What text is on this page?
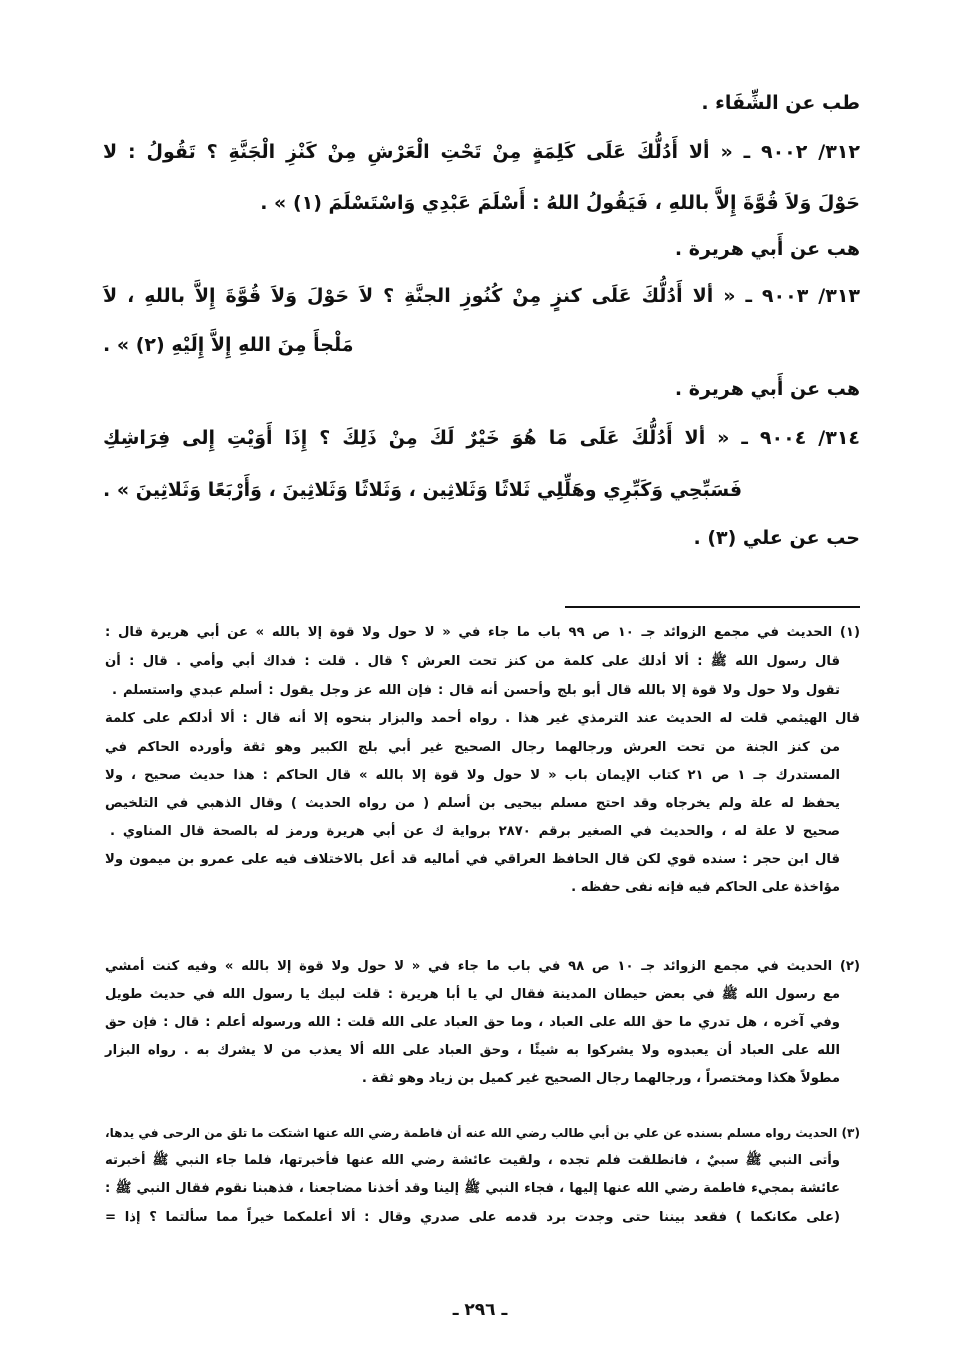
طب عن الشِّفَاء .
٣١٢/ ٩٠٠٢ ـ « ألا أَدُلُّكَ عَلَى كَلِمَةٍ مِنْ تَحْتِ الْعَرْشِ مِنْ كَنْزِ الْجَنَّةِ ؟ تَقُولُ : لا
حَوْلَ وَلاَ قُوَّةَ إِلاَّ باللهِ ، فَيَقُولُ اللهُ : أَسْلَمَ عَبْدِي وَاسْتَسْلَمَ (١) » .
هب عن أَبي هريرة .
٣١٣/ ٩٠٠٣ ـ « ألا أَدُلُّكَ عَلَى كنزٍ مِنْ كُنُوزِ الجنَّةِ ؟ لاَ حَوْلَ وَلاَ قُوَّةَ إِلاَّ باللهِ ، لاَ
مَلْجأَ مِنَ اللهِ إِلاَّ إِلَيْهِ (٢) » .
هب عن أَبي هريرة .
٣١٤/ ٩٠٠٤ ـ « ألا أَدُلُّكَ عَلَى مَا هُوَ خَيْرٌ لَكَ مِنْ ذَلِكَ ؟ إِذَا أَوَيْتِ إِلى فِرَاشِكِ
فَسَبِّحِي وَكَبِّرِي وهَلِّلِي ثَلاثًا وَثَلاثِين ، وَثَلاثًا وَثَلاثِينَ ، وَأَرْبَعًا وَثَلاثِينَ » .
حب عن علي (٣) .
(١) الحديث في مجمع الزوائد جـ ١٠ ص ٩٩ باب ما جاء في « لا حول ولا قوة إلا بالله » عن أبي هريرة قال :
قال رسول الله ﷺ : ألا أدلك على كلمة من كنز تحت العرش ؟ قال . قلت : فداك أبي وأمي . قال : أن
تقول ولا حول ولا قوة إلا بالله قال أبو بلج وأحسن أنه قال : فإن الله عز وجل يقول : أسلم عبدي واستسلم .
قال الهيثمي قلت له الحديث عند الترمذي غير هذا . رواه أحمد والبزار بنحوه إلا أنه قال : ألا أدلكم على كلمة
من كنز الجنة من تحت العرش ورجالهما رجال الصحيح غير أبي بلج الكبير وهو ثقة وأورده الحاكم في
المستدرك جـ ١ ص ٢١ كتاب الإيمان باب « لا حول ولا قوة إلا بالله » قال الحاكم : هذا حديث صحيح ، ولا
يحفظ له علة ولم يخرجاه وقد احتج مسلم بيحيى بن أسلم ( من رواه الحديث ) وقال الذهبي في التلخيص
صحيح لا علة له ، والحديث في الصغير برقم ٢٨٧٠ برواية ك عن أبي هريرة ورمز له بالصحة قال المناوي .
قال ابن حجر : سنده قوي لكن قال الحافظ العراقي في أماليه قد أعل بالاختلاف فيه على عمرو بن ميمون ولا
مؤاخذة على الحاكم فيه فإنه نفى حفظه .
(٢) الحديث في مجمع الزوائد جـ ١٠ ص ٩٨ في باب ما جاء في « لا حول ولا قوة إلا بالله » وفيه كنت أمشي
مع رسول الله ﷺ في بعض حيطان المدينة فقال لي يا أبا هريرة : قلت لبيك يا رسول الله في حديث طويل
وفي آخره ، هل تدري ما حق الله على العباد ، وما حق العباد على الله قلت : الله ورسوله أعلم : قال : فإن حق
الله على العباد أن يعبدوه ولا يشركوا به شيئًا ، وحق العباد على الله ألا يعذب من لا يشرك به . رواه البزار
مطولاً هكذا ومختصراً ، ورجالهما رجال الصحيح غير كميل بن زياد وهو ثقة .
(٣) الحديث رواه مسلم بسنده عن علي بن أبي طالب رضي الله عنه أن فاطمة رضي الله عنها اشتكت ما تلق من الرحى في يدها،
وأتى النبي ﷺ سبيٌ ، فانطلقت فلم تجده ، ولقيت عائشة رضي الله عنها فأخبرتها، فلما جاء النبي ﷺ أخبرته
عائشة بمجيء فاطمة رضي الله عنها إليها ، فجاء النبي ﷺ إلينا وقد أخذنا مضاجعنا ، فذهبنا نقوم فقال النبي ﷺ :
(على مكانكما ) فقعد بيننا حتى وجدت برد قدمه على صدري وقال : ألا أعلمكما خيراً مما سألتما ؟ إذا =
ـ ٢٩٦ ـ
